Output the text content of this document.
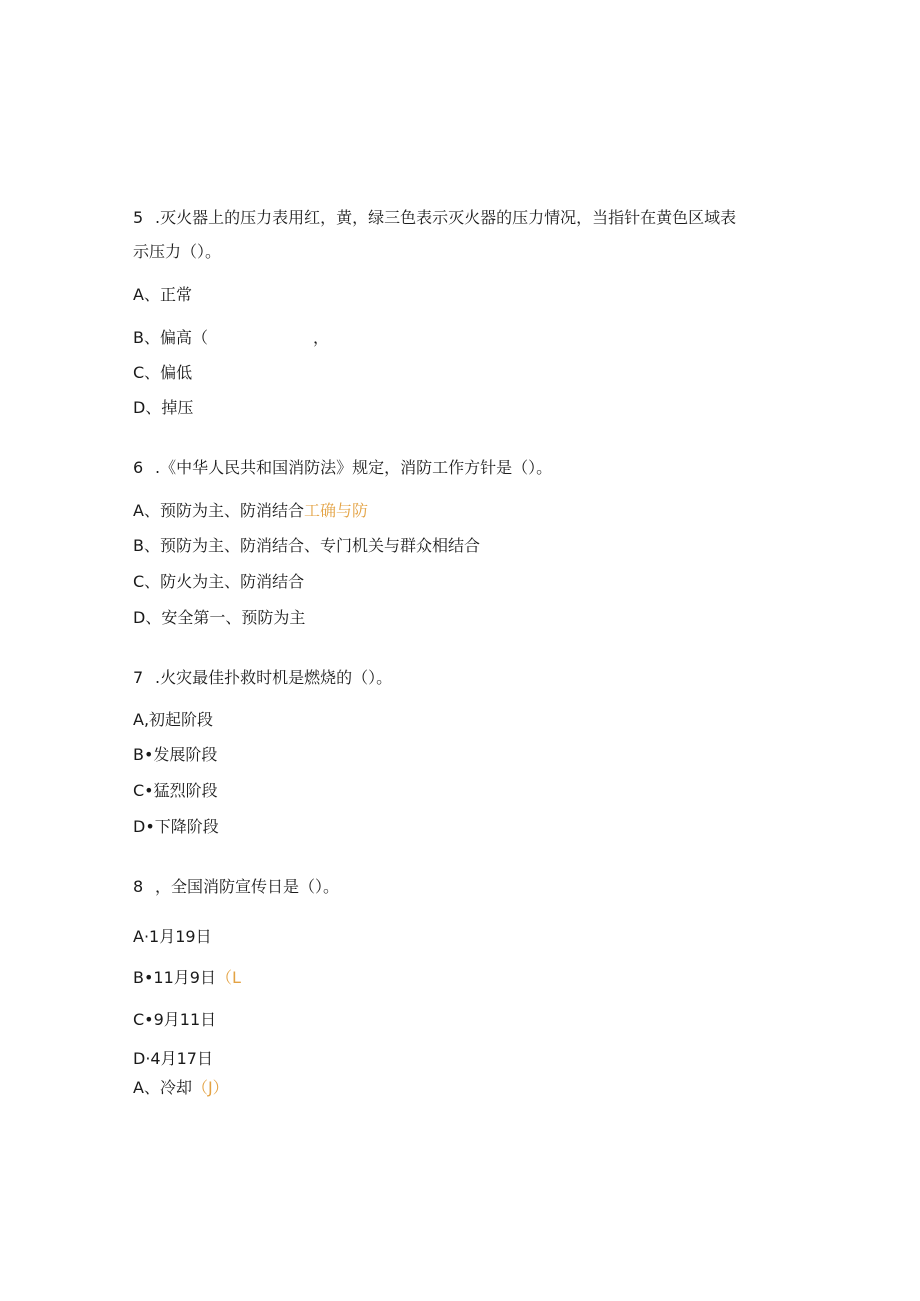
5 .灭火器上的压力表用红，黄，绿三色表示灭火器的压力情况，当指针在黄色区域表
示压力（）。
A、正常
B、偏高（	，
C、偏低
D、掉压
6 .《中华人民共和国消防法》规定，消防工作方针是（）。
A、预防为主、防消结合工确与防
B、预防为主、防消结合、专门机关与群众相结合
C、防火为主、防消结合
D、安全第一、预防为主
7 .火灾最佳扑救时机是燃烧的（）。
A,初起阶段
B•发展阶段
C•猛烈阶段
D•下降阶段
8 ，全国消防宣传日是（）。
A·1月19日
B•11月9日（L
C•9月11日
D·4月17日
A、冷却（J）
